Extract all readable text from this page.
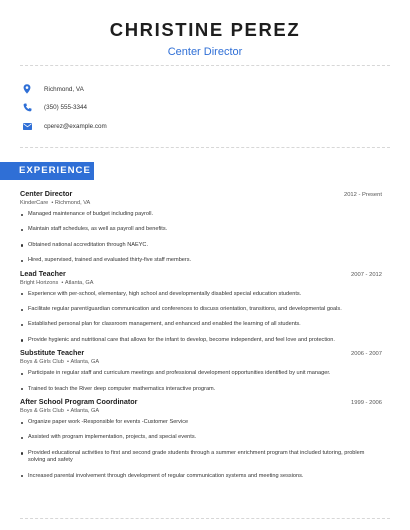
CHRISTINE PEREZ
Center Director
Richmond, VA
(350) 555-3344
cperez@example.com
EXPERIENCE
Center Director	2012 - Present
KinderCare  • Richmond, VA
Managed maintenance of budget including payroll.
Maintain staff schedules, as well as payroll and benefits.
Obtained national accreditation through NAEYC.
Hired, supervised, trained and evaluated thirty-five staff members.
Lead Teacher	2007 - 2012
Bright Horizons  • Atlanta, GA
Experience with per-school, elementary, high school and developmentally disabled special education students.
Facilitate regular parent/guardian communication and conferences to discuss orientation, transitions, and developmental goals.
Established personal plan for classroom management, and enhanced and enabled the learning of all students.
Provide hygienic and nutritional care that allows for the infant to develop, become independent, and feel love and protection.
Substitute Teacher	2006 - 2007
Boys & Girls Club  • Atlanta, GA
Participate in regular staff and curriculum meetings and professional development opportunities identified by unit manager.
Trained to teach the River deep computer mathematics interactive program.
After School Program Coordinator	1999 - 2006
Boys & Girls Club  • Atlanta, GA
Organize paper work -Responsible for events -Customer Service
Assisted with program implementation, projects, and special events.
Provided educational activities to first and second grade students through a summer enrichment program that included tutoring, problem solving and safety
Increased parental involvement through development of regular communication systems and meeting sessions.
